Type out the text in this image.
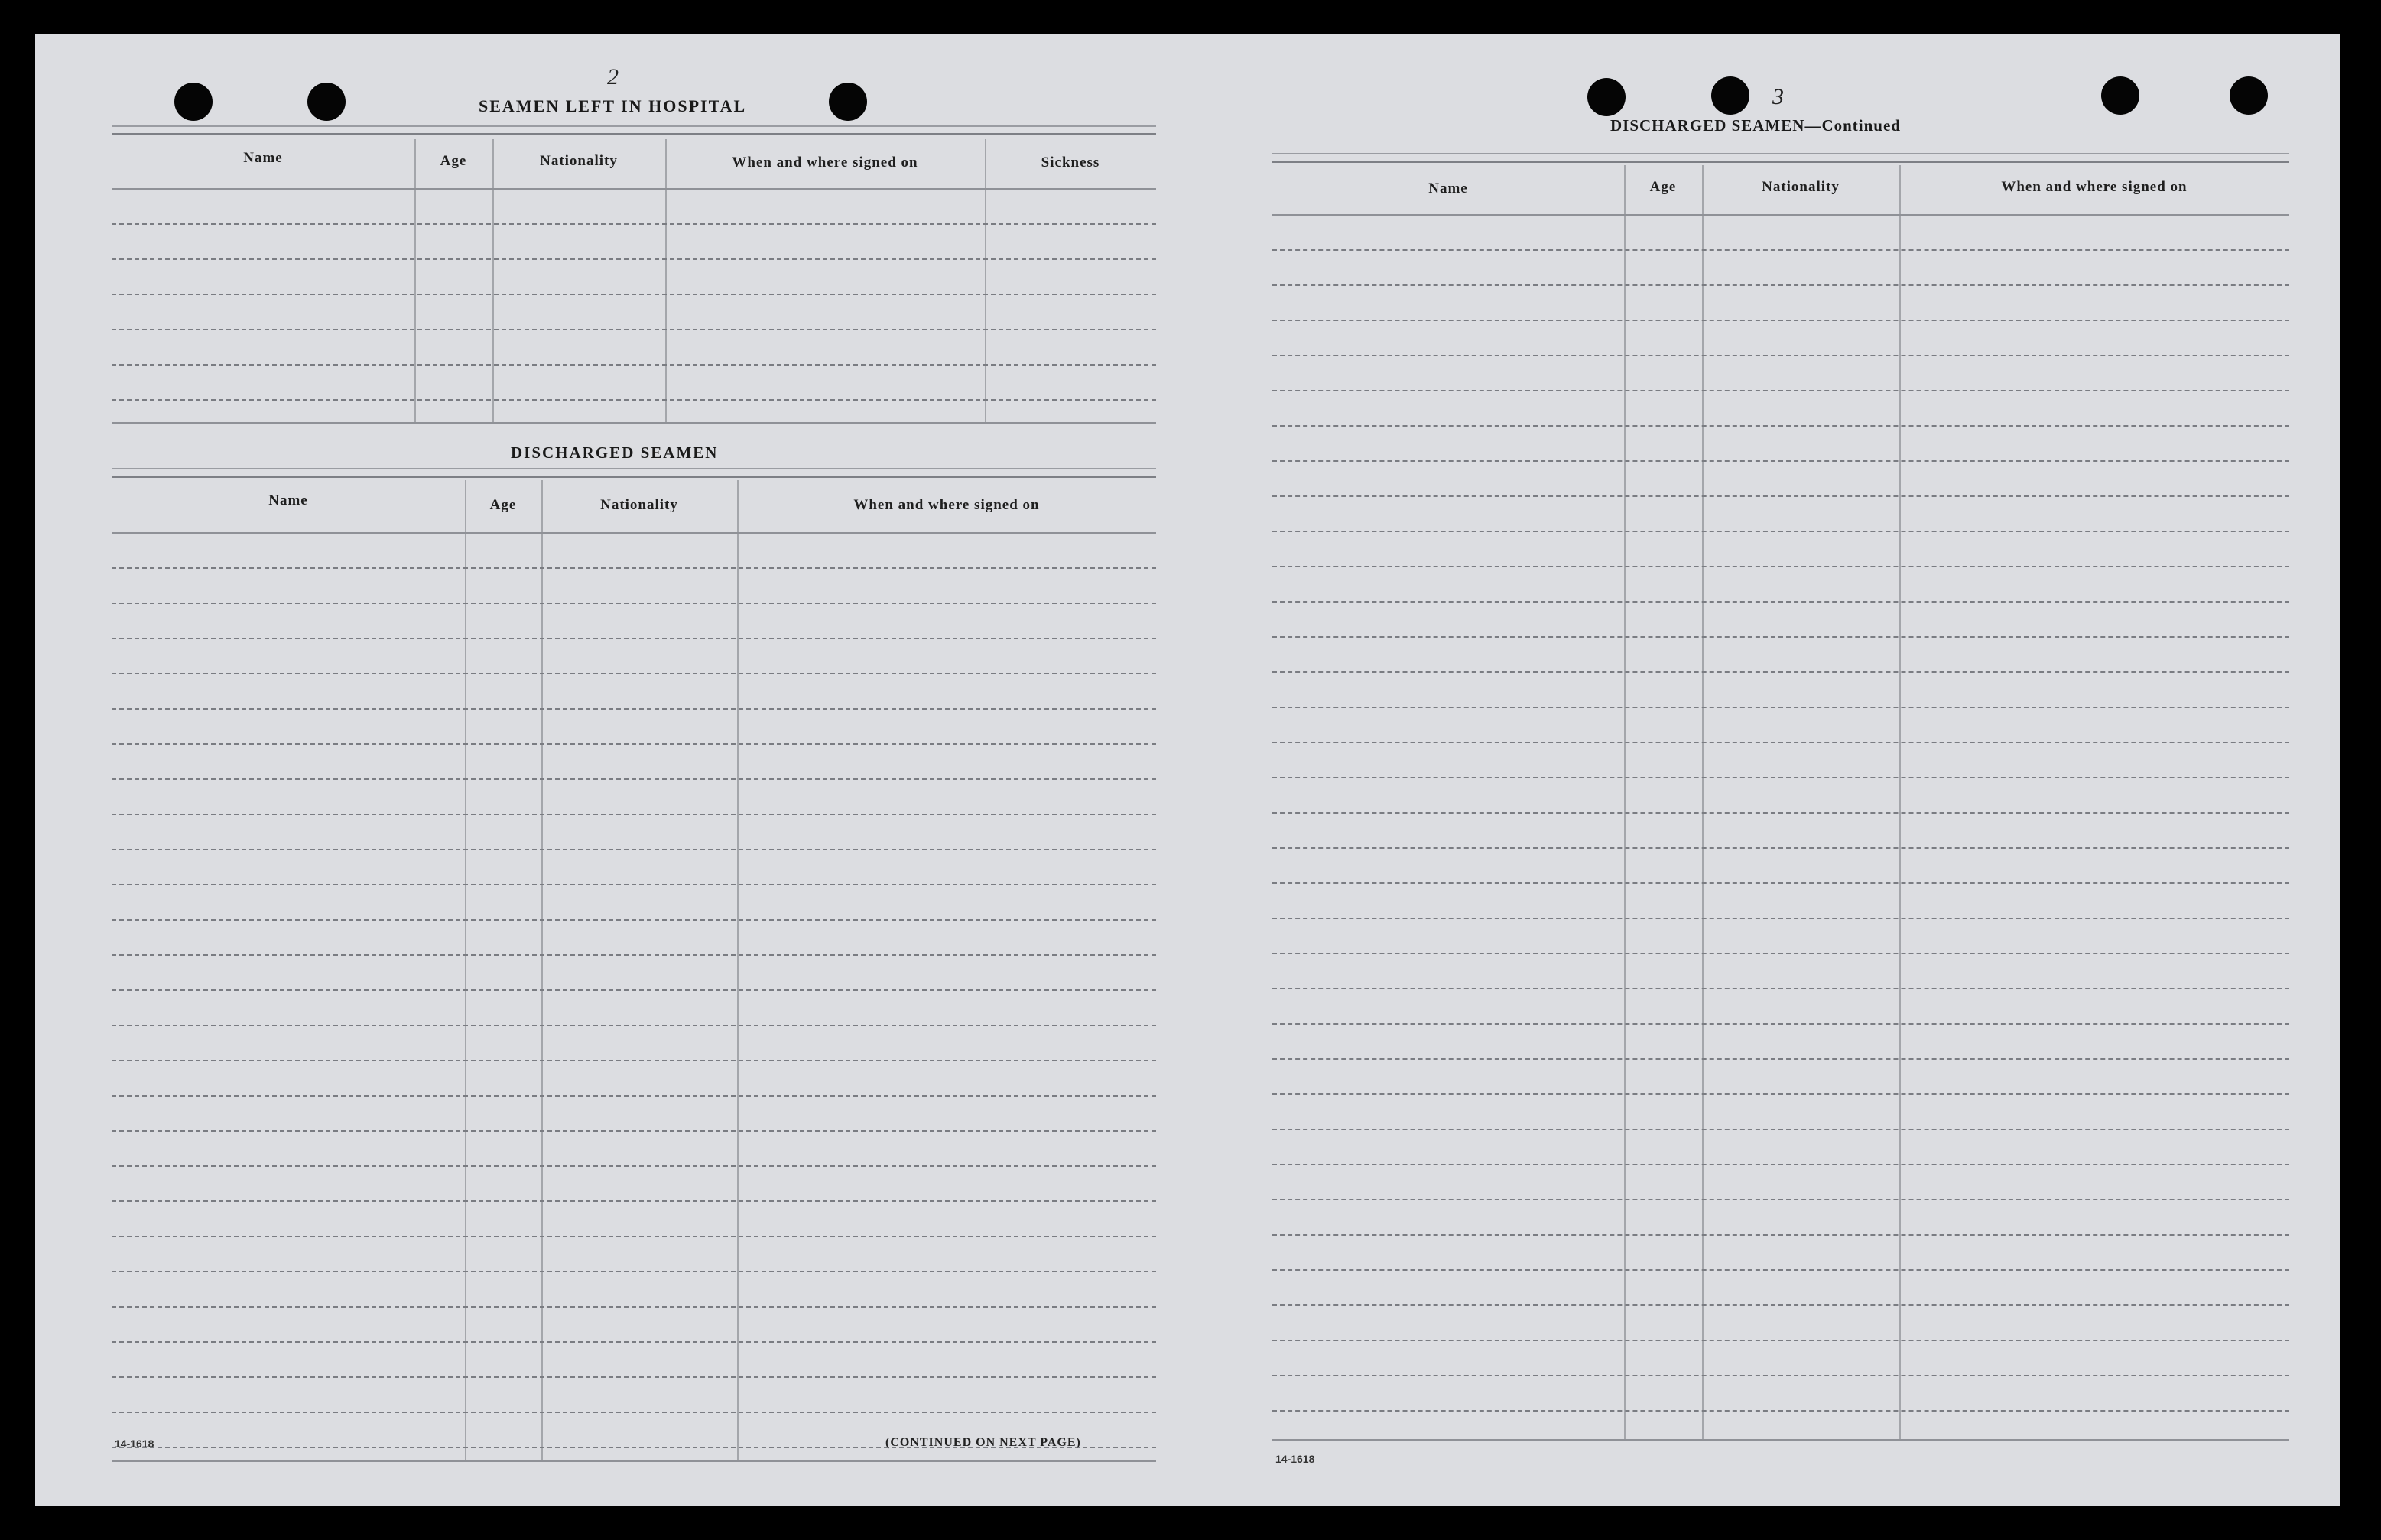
2
SEAMEN LEFT IN HOSPITAL
Name	Age	Nationality	When and where signed on	Sickness
DISCHARGED SEAMEN
Name	Age	Nationality	When and where signed on
14-1618	(CONTINUED ON NEXT PAGE)
3
DISCHARGED SEAMEN—Continued
Name	Age	Nationality	When and where signed on
14-1618
